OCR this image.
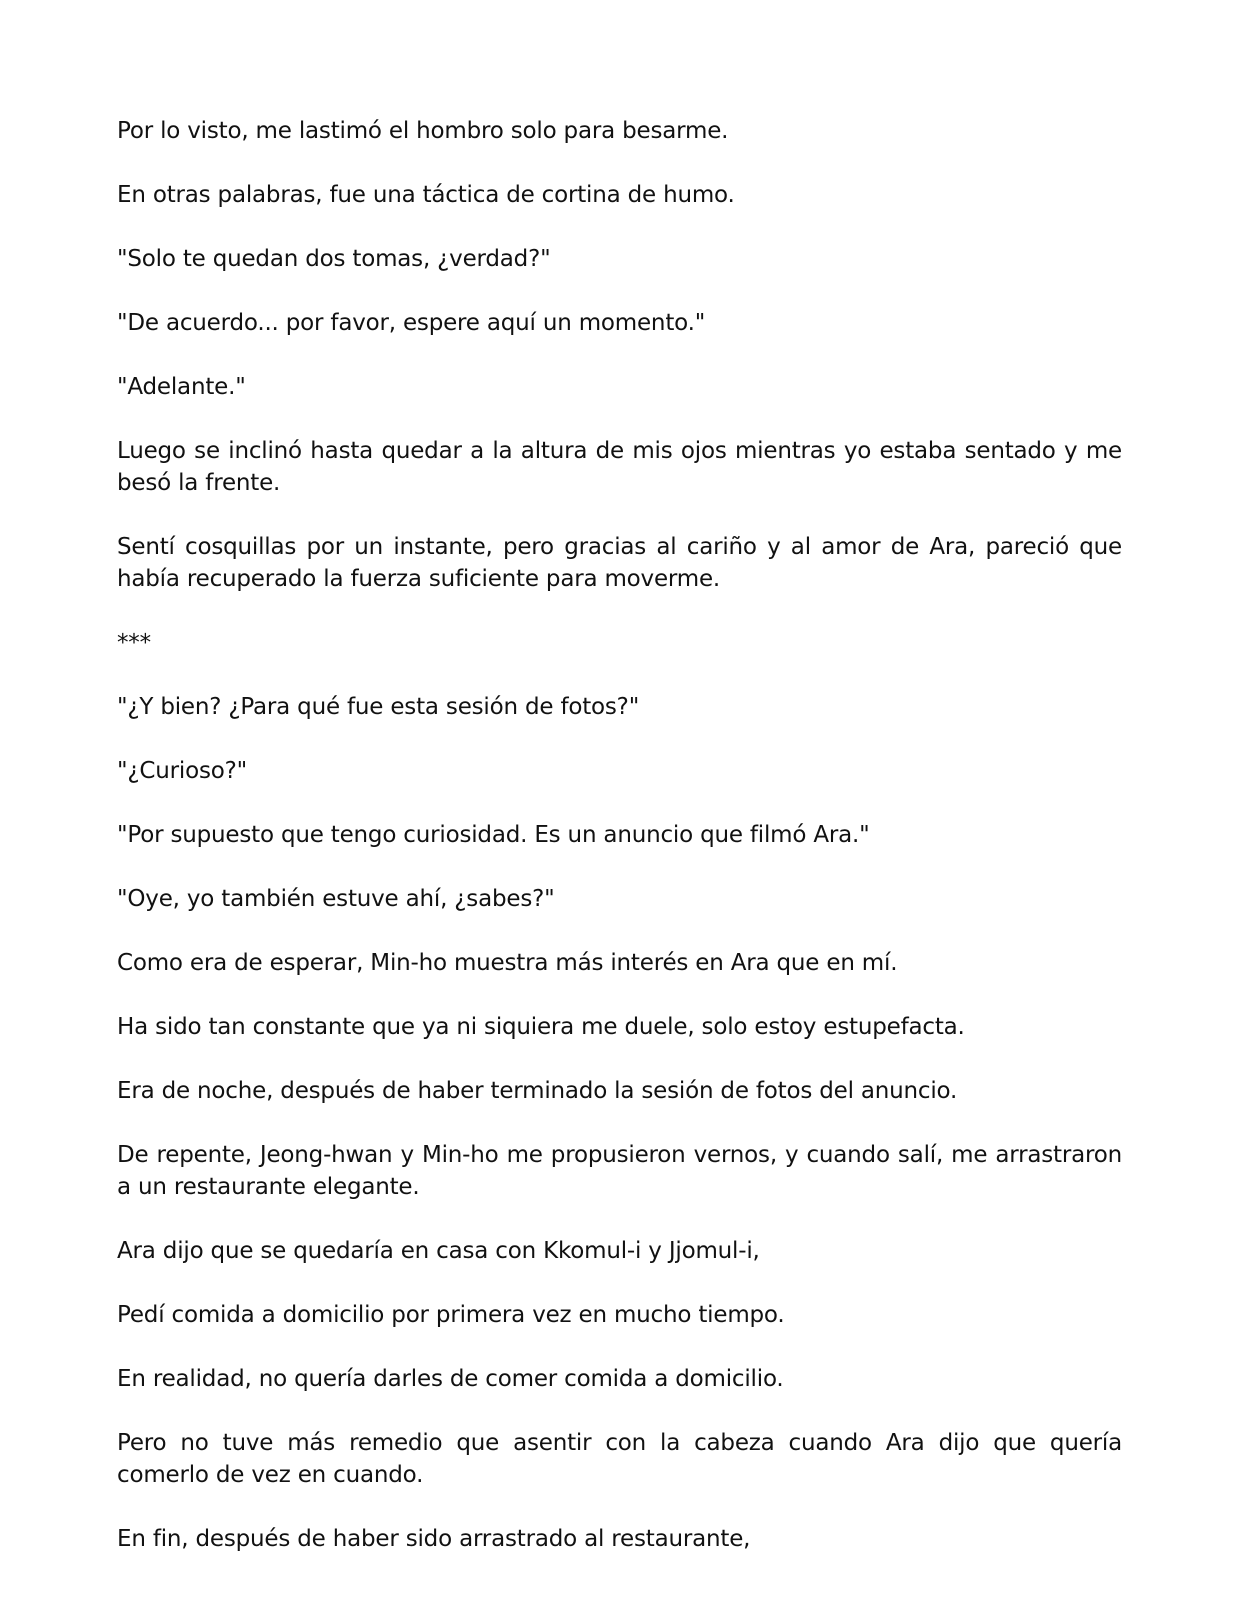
Por lo visto, me lastimó el hombro solo para besarme.

En otras palabras, fue una táctica de cortina de humo.

"Solo te quedan dos tomas, ¿verdad?"

"De acuerdo... por favor, espere aquí un momento."

"Adelante."

Luego se inclinó hasta quedar a la altura de mis ojos mientras yo estaba sentado y me besó la frente.

Sentí cosquillas por un instante, pero gracias al cariño y al amor de Ara, pareció que había recuperado la fuerza suficiente para moverme.

***

"¿Y bien? ¿Para qué fue esta sesión de fotos?"

"¿Curioso?"

"Por supuesto que tengo curiosidad. Es un anuncio que filmó Ara."

"Oye, yo también estuve ahí, ¿sabes?"

Como era de esperar, Min-ho muestra más interés en Ara que en mí.

Ha sido tan constante que ya ni siquiera me duele, solo estoy estupefacta.

Era de noche, después de haber terminado la sesión de fotos del anuncio.

De repente, Jeong-hwan y Min-ho me propusieron vernos, y cuando salí, me arrastraron a un restaurante elegante.

Ara dijo que se quedaría en casa con Kkomul-i y Jjomul-i,

Pedí comida a domicilio por primera vez en mucho tiempo.

En realidad, no quería darles de comer comida a domicilio.

Pero no tuve más remedio que asentir con la cabeza cuando Ara dijo que quería comerlo de vez en cuando.

En fin, después de haber sido arrastrado al restaurante,
